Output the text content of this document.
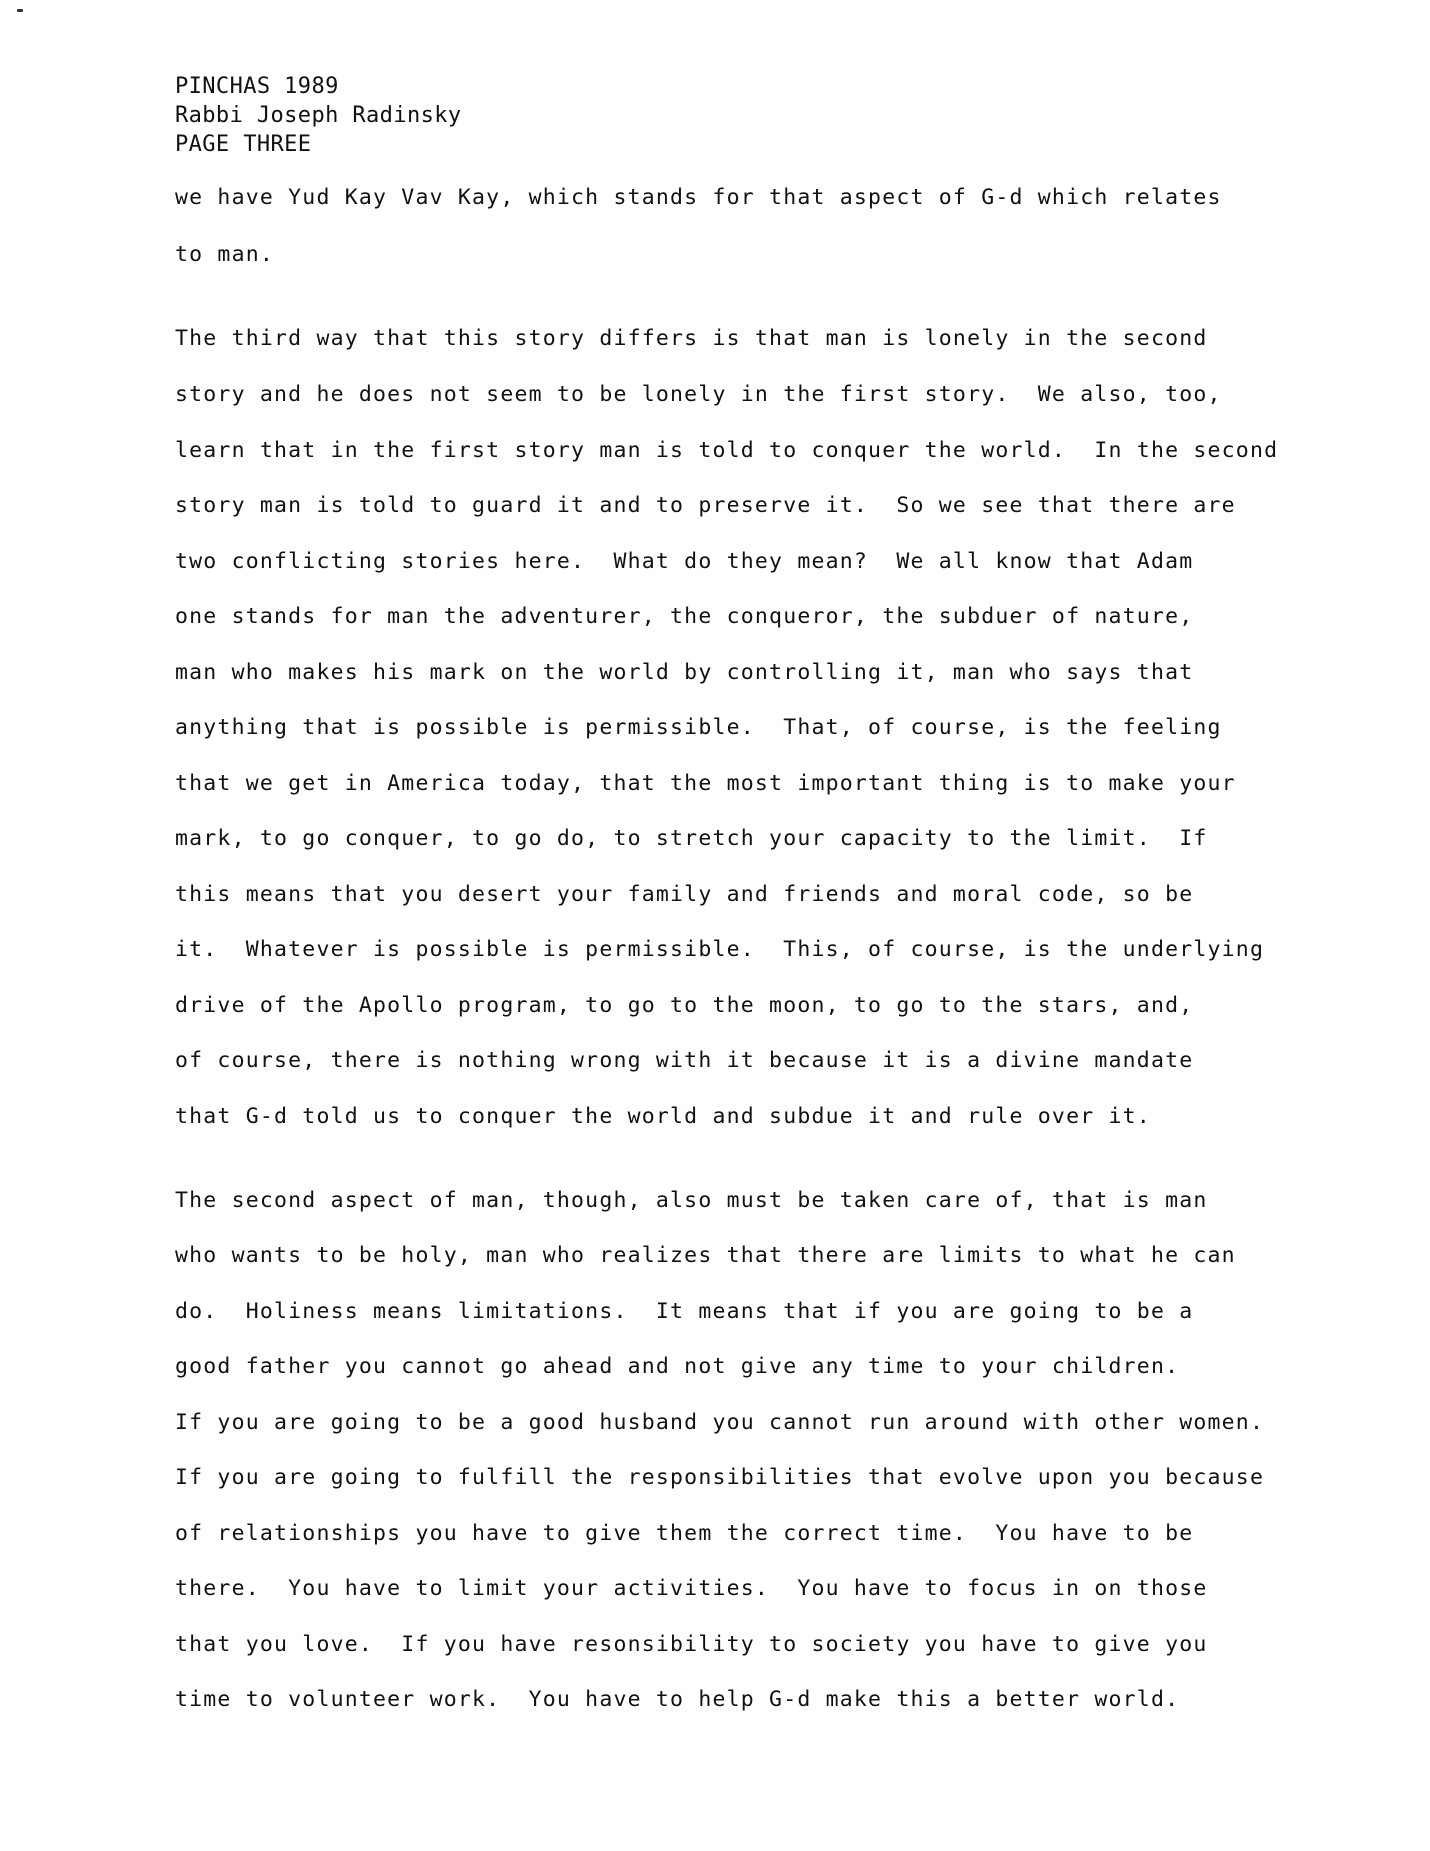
PINCHAS 1989
Rabbi Joseph Radinsky
PAGE THREE
we have Yud Kay Vav Kay, which stands for that aspect of G-d which relates
to man.
The third way that this story differs is that man is lonely in the second
story and he does not seem to be lonely in the first story.  We also, too,
learn that in the first story man is told to conquer the world.  In the second
story man is told to guard it and to preserve it.  So we see that there are
two conflicting stories here.  What do they mean?  We all know that Adam
one stands for man the adventurer, the conqueror, the subduer of nature,
man who makes his mark on the world by controlling it, man who says that
anything that is possible is permissible.  That, of course, is the feeling
that we get in America today, that the most important thing is to make your
mark, to go conquer, to go do, to stretch your capacity to the limit.  If
this means that you desert your family and friends and moral code, so be
it.  Whatever is possible is permissible.  This, of course, is the underlying
drive of the Apollo program, to go to the moon, to go to the stars, and,
of course, there is nothing wrong with it because it is a divine mandate
that G-d told us to conquer the world and subdue it and rule over it.
The second aspect of man, though, also must be taken care of, that is man
who wants to be holy, man who realizes that there are limits to what he can
do.  Holiness means limitations.  It means that if you are going to be a
good father you cannot go ahead and not give any time to your children.
If you are going to be a good husband you cannot run around with other women.
If you are going to fulfill the responsibilities that evolve upon you because
of relationships you have to give them the correct time.  You have to be
there.  You have to limit your activities.  You have to focus in on those
that you love.  If you have resonsibility to society you have to give you
time to volunteer work.  You have to help G-d make this a better world.
